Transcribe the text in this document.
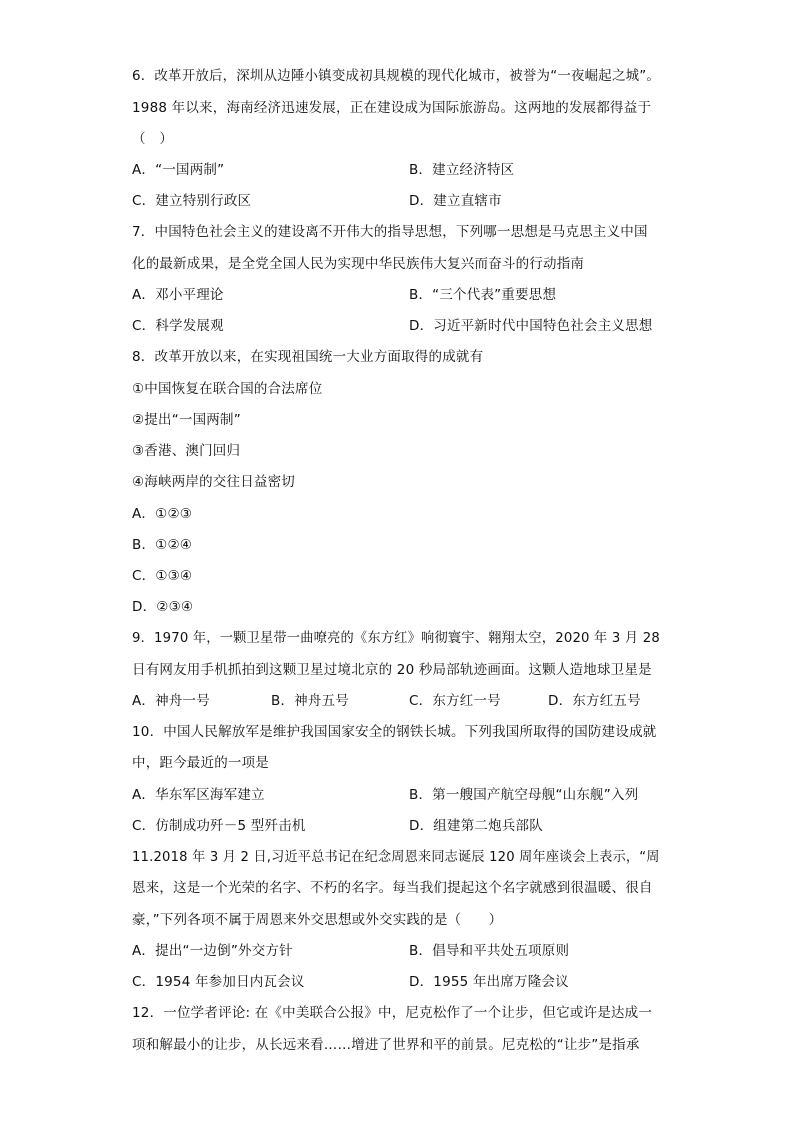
6．改革开放后，深圳从边陲小镇变成初具规模的现代化城市，被誉为“一夜崛起之城”。
1988 年以来，海南经济迅速发展，正在建设成为国际旅游岛。这两地的发展都得益于
（　）
A．“一国两制”	B．建立经济特区
C．建立特别行政区	D．建立直辖市
7．中国特色社会主义的建设离不开伟大的指导思想，下列哪一思想是马克思主义中国
化的最新成果，是全党全国人民为实现中华民族伟大复兴而奋斗的行动指南
A．邓小平理论	B．“三个代表”重要思想
C．科学发展观	D．习近平新时代中国特色社会主义思想
8．改革开放以来，在实现祖国统一大业方面取得的成就有
①中国恢复在联合国的合法席位
②提出“一国两制”
③香港、澳门回归
④海峡两岸的交往日益密切
A．①②③
B．①②④
C．①③④
D．②③④
9．1970 年，一颗卫星带一曲嘹亮的《东方红》响彻寰宇、翱翔太空，2020 年 3 月 28
日有网友用手机抓拍到这颗卫星过境北京的 20 秒局部轨迹画面。这颗人造地球卫星是
A．神舟一号	B．神舟五号	C．东方红一号	D．东方红五号
10．中国人民解放军是维护我国国家安全的钢铁长城。下列我国所取得的国防建设成就
中，距今最近的一项是
A．华东军区海军建立	B．第一艘国产航空母舰“山东舰”入列
C．仿制成功歼－5 型歼击机	D．组建第二炮兵部队
11.2018 年 3 月 2 日,习近平总书记在纪念周恩来同志诞辰 120 周年座谈会上表示，“周
恩来，这是一个光荣的名字、不朽的名字。每当我们提起这个名字就感到很温暖、很自
豪，”下列各项不属于周恩来外交思想或外交实践的是（　　）
A．提出“一边倒”外交方针	B．倡导和平共处五项原则
C．1954 年参加日内瓦会议	D．1955 年出席万隆会议
12．一位学者评论: 在《中美联合公报》中，尼克松作了一个让步，但它或许是达成一
项和解最小的让步，从长远来看……增进了世界和平的前景。尼克松的“让步”是指承
